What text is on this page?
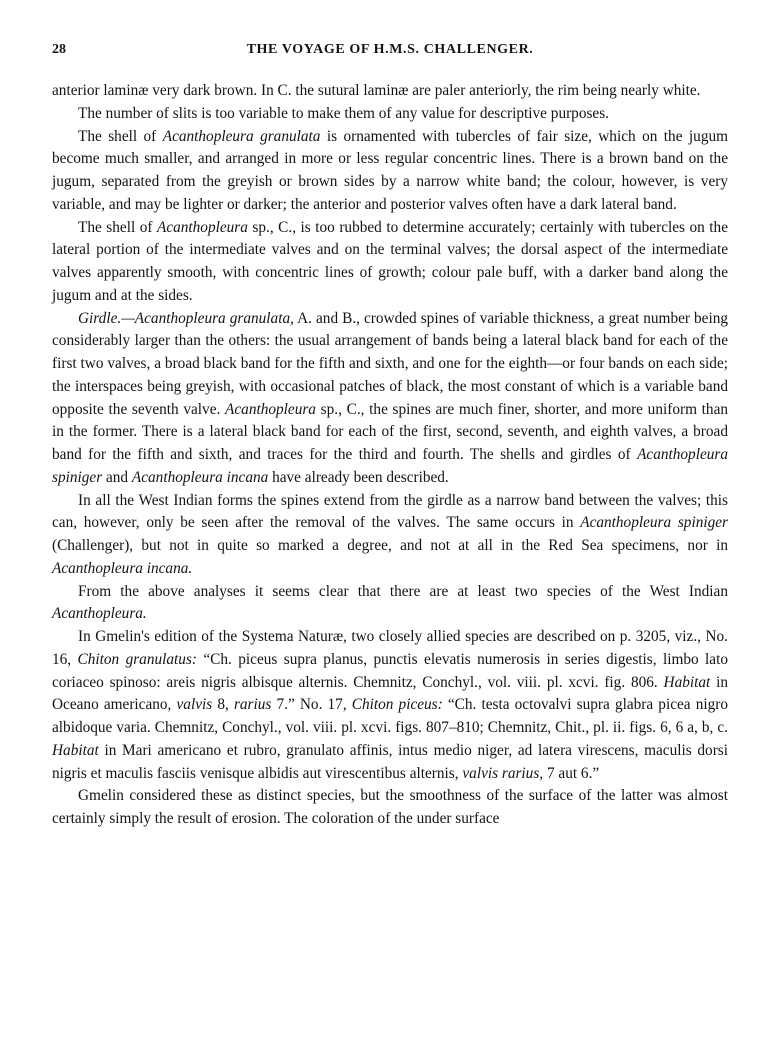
28	THE VOYAGE OF H.M.S. CHALLENGER.

anterior laminæ very dark brown. In C. the sutural laminæ are paler anteriorly, the rim being nearly white.

The number of slits is too variable to make them of any value for descriptive purposes.

The shell of Acanthopleura granulata is ornamented with tubercles of fair size, which on the jugum become much smaller, and arranged in more or less regular concentric lines. There is a brown band on the jugum, separated from the greyish or brown sides by a narrow white band; the colour, however, is very variable, and may be lighter or darker; the anterior and posterior valves often have a dark lateral band.

The shell of Acanthopleura sp., C., is too rubbed to determine accurately; certainly with tubercles on the lateral portion of the intermediate valves and on the terminal valves; the dorsal aspect of the intermediate valves apparently smooth, with concentric lines of growth; colour pale buff, with a darker band along the jugum and at the sides.

Girdle.—Acanthopleura granulata, A. and B., crowded spines of variable thickness, a great number being considerably larger than the others: the usual arrangement of bands being a lateral black band for each of the first two valves, a broad black band for the fifth and sixth, and one for the eighth—or four bands on each side; the interspaces being greyish, with occasional patches of black, the most constant of which is a variable band opposite the seventh valve. Acanthopleura sp., C., the spines are much finer, shorter, and more uniform than in the former. There is a lateral black band for each of the first, second, seventh, and eighth valves, a broad band for the fifth and sixth, and traces for the third and fourth. The shells and girdles of Acanthopleura spiniger and Acanthopleura incana have already been described.

In all the West Indian forms the spines extend from the girdle as a narrow band between the valves; this can, however, only be seen after the removal of the valves. The same occurs in Acanthopleura spiniger (Challenger), but not in quite so marked a degree, and not at all in the Red Sea specimens, nor in Acanthopleura incana.

From the above analyses it seems clear that there are at least two species of the West Indian Acanthopleura.

In Gmelin's edition of the Systema Naturæ, two closely allied species are described on p. 3205, viz., No. 16, Chiton granulatus: “Ch. piceus supra planus, punctis elevatis numerosis in series digestis, limbo lato coriaceo spinoso: areis nigris albisque alternis. Chemnitz, Conchyl., vol. viii. pl. xcvi. fig. 806. Habitat in Oceano americano, valvis 8, rarius 7.” No. 17, Chiton piceus: “Ch. testa octovalvi supra glabra picea nigro albidoque varia. Chemnitz, Conchyl., vol. viii. pl. xcvi. figs. 807–810; Chemnitz, Chit., pl. ii. figs. 6, 6 a, b, c. Habitat in Mari americano et rubro, granulato affinis, intus medio niger, ad latera virescens, maculis dorsi nigris et maculis fasciis venisque albidis aut virescentibus alternis, valvis rarius, 7 aut 6.”

Gmelin considered these as distinct species, but the smoothness of the surface of the latter was almost certainly simply the result of erosion. The coloration of the under surface
